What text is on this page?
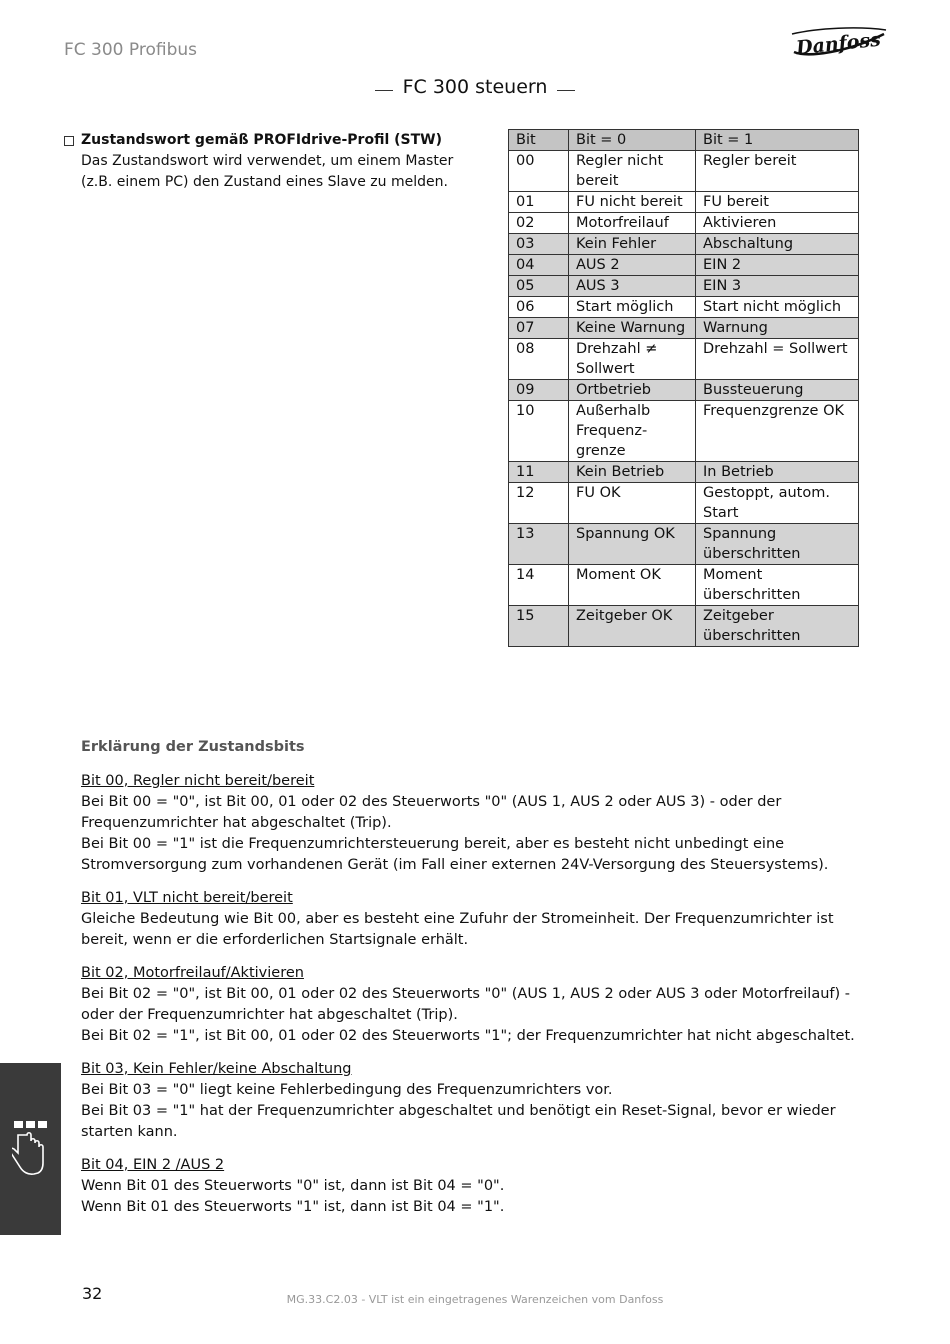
FC 300 Profibus	Danfoss
FC 300 steuern
Zustandswort gemäß PROFIdrive-Profil (STW)
Das Zustandswort wird verwendet, um einem Master (z.B. einem PC) den Zustand eines Slave zu melden.
Bit	Bit = 0	Bit = 1
00	Regler nicht bereit	Regler bereit
01	FU nicht bereit	FU bereit
02	Motorfreilauf	Aktivieren
03	Kein Fehler	Abschaltung
04	AUS 2	EIN 2
05	AUS 3	EIN 3
06	Start möglich	Start nicht möglich
07	Keine Warnung	Warnung
08	Drehzahl ≠ Sollwert	Drehzahl = Sollwert
09	Ortbetrieb	Bussteuerung
10	Außerhalb Frequenz-grenze	Frequenzgrenze OK
11	Kein Betrieb	In Betrieb
12	FU OK	Gestoppt, autom. Start
13	Spannung OK	Spannung überschritten
14	Moment OK	Moment überschritten
15	Zeitgeber OK	Zeitgeber überschritten
Erklärung der Zustandsbits
Bit 00, Regler nicht bereit/bereit
Bei Bit 00 = "0", ist Bit 00, 01 oder 02 des Steuerworts "0" (AUS 1, AUS 2 oder AUS 3) - oder der Frequenzumrichter hat abgeschaltet (Trip).
Bei Bit 00 = "1" ist die Frequenzumrichtersteuerung bereit, aber es besteht nicht unbedingt eine Stromversorgung zum vorhandenen Gerät (im Fall einer externen 24V-Versorgung des Steuersystems).
Bit 01, VLT nicht bereit/bereit
Gleiche Bedeutung wie Bit 00, aber es besteht eine Zufuhr der Stromeinheit. Der Frequenzumrichter ist bereit, wenn er die erforderlichen Startsignale erhält.
Bit 02, Motorfreilauf/Aktivieren
Bei Bit 02 = "0", ist Bit 00, 01 oder 02 des Steuerworts "0" (AUS 1, AUS 2 oder AUS 3 oder Motorfreilauf) - oder der Frequenzumrichter hat abgeschaltet (Trip).
Bei Bit 02 = "1", ist Bit 00, 01 oder 02 des Steuerworts "1"; der Frequenzumrichter hat nicht abgeschaltet.
Bit 03, Kein Fehler/keine Abschaltung
Bei Bit 03 = "0" liegt keine Fehlerbedingung des Frequenzumrichters vor.
Bei Bit 03 = "1" hat der Frequenzumrichter abgeschaltet und benötigt ein Reset-Signal, bevor er wieder starten kann.
Bit 04, EIN 2 /AUS 2
Wenn Bit 01 des Steuerworts "0" ist, dann ist Bit 04 = "0".
Wenn Bit 01 des Steuerworts "1" ist, dann ist Bit 04 = "1".
32	MG.33.C2.03 - VLT ist ein eingetragenes Warenzeichen vom Danfoss
